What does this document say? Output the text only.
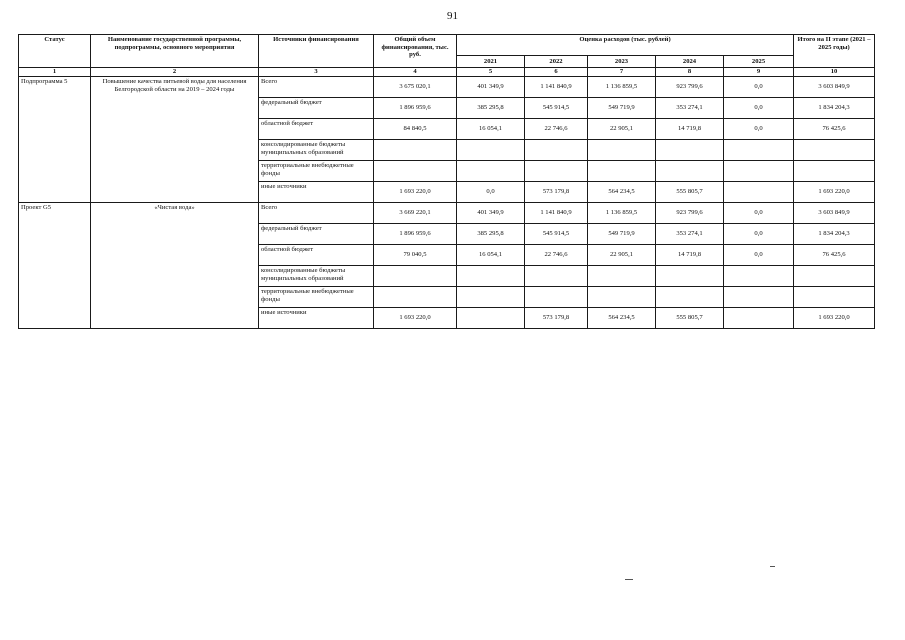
91
Статус	Наименование государственной программы, подпрограммы, основного мероприятия	Источники финансирования	Общий объем финансирования, тыс. руб.	Оценка расходов (тыс. рублей)					Итого на II этапе (2021 – 2025 годы)
				2021	2022	2023	2024	2025	
1	2	3	4	5	6	7	8	9	10
Подпрограмма 5	Повышение качества питьевой воды для населения Белгородской области на 2019 – 2024 годы	Всего	3 675 020,1	401 349,9	1 141 840,9	1 136 859,5	923 799,6	0,0	3 603 849,9
		федеральный бюджет	1 896 959,6	385 295,8	545 914,5	549 719,9	353 274,1	0,0	1 834 204,3
		областной бюджет	84 840,5	16 054,1	22 746,6	22 905,1	14 719,8	0,0	76 425,6
		консолидированные бюджеты муниципальных образований							
		территориальные внебюджетные фонды							
		иные источники	1 693 220,0	0,0	573 179,8	564 234,5	555 805,7		1 693 220,0
Проект G5	«Чистая вода»	Всего	3 669 220,1	401 349,9	1 141 840,9	1 136 859,5	923 799,6	0,0	3 603 849,9
		федеральный бюджет	1 896 959,6	385 295,8	545 914,5	549 719,9	353 274,1	0,0	1 834 204,3
		областной бюджет	79 040,5	16 054,1	22 746,6	22 905,1	14 719,8	0,0	76 425,6
		консолидированные бюджеты муниципальных образований							
		территориальные внебюджетные фонды							
		иные источники	1 693 220,0		573 179,8	564 234,5	555 805,7		1 693 220,0
